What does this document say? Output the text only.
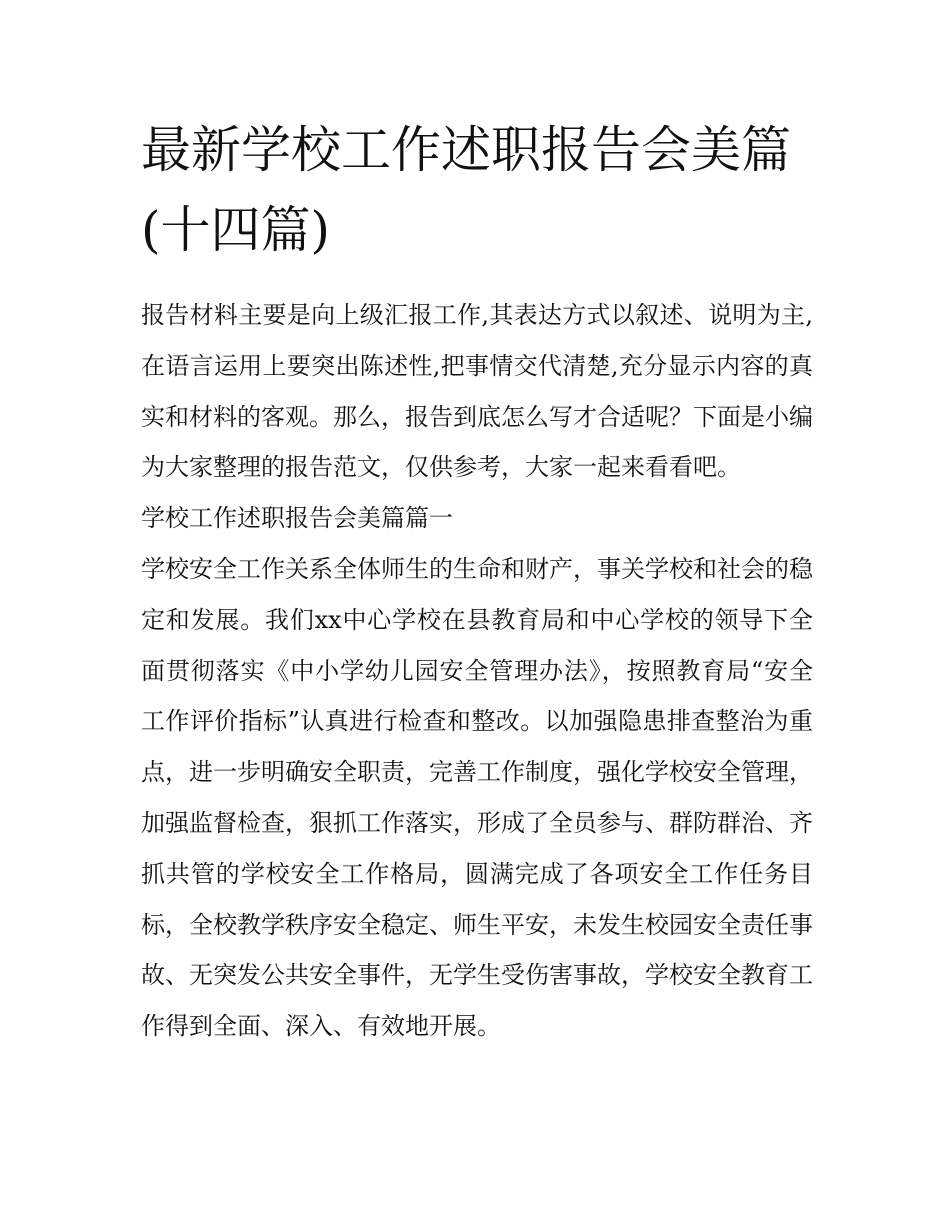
最新学校工作述职报告会美篇(十四篇)

报告材料主要是向上级汇报工作,其表达方式以叙述、说明为主,在语言运用上要突出陈述性,把事情交代清楚,充分显示内容的真实和材料的客观。那么，报告到底怎么写才合适呢？下面是小编为大家整理的报告范文，仅供参考，大家一起来看看吧。

学校工作述职报告会美篇篇一

学校安全工作关系全体师生的生命和财产，事关学校和社会的稳定和发展。我们xx中心学校在县教育局和中心学校的领导下全面贯彻落实《中小学幼儿园安全管理办法》，按照教育局“安全工作评价指标”认真进行检查和整改。以加强隐患排查整治为重点，进一步明确安全职责，完善工作制度，强化学校安全管理，加强监督检查，狠抓工作落实，形成了全员参与、群防群治、齐抓共管的学校安全工作格局，圆满完成了各项安全工作任务目标，全校教学秩序安全稳定、师生平安，未发生校园安全责任事故、无突发公共安全事件，无学生受伤害事故，学校安全教育工作得到全面、深入、有效地开展。
